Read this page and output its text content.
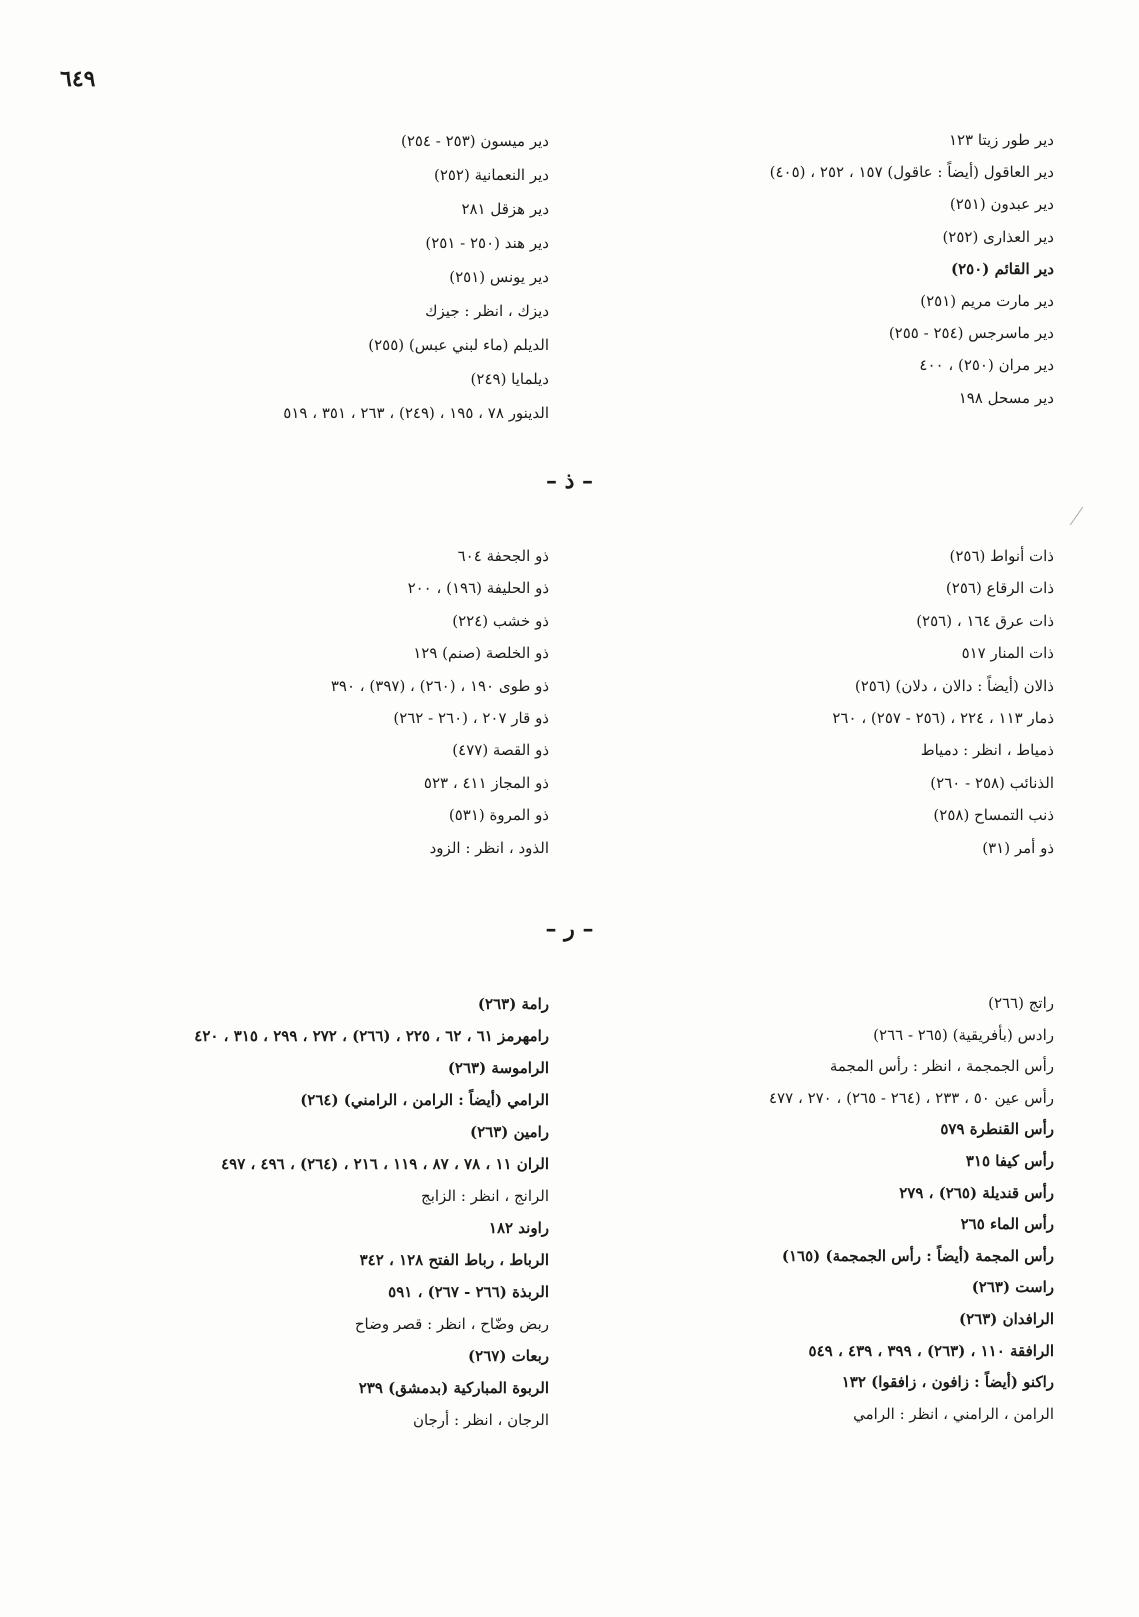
٦٤٩
دير طور زيتا ١٢٣
دير العاقول (أيضاً : عاقول) ١٥٧ ، ٢٥٢ ، (٤٠٥)
دير عبدون (٢٥١)
دير العذارى (٢٥٢)
دير القائم (٢٥٠)
دير مارت مريم (٢٥١)
دير ماسرجس (٢٥٤ - ٢٥٥)
دير مران (٢٥٠) ، ٤٠٠
دير مسحل ١٩٨
دير ميسون (٢٥٣ - ٢٥٤)
دير النعمانية (٢٥٢)
دير هزقل ٢٨١
دير هند (٢٥٠ - ٢٥١)
دير يونس (٢٥١)
ديزك ، انظر : جيزك
الديلم (ماء لبني عبس) (٢٥٥)
ديلمايا (٢٤٩)
الدينور ٧٨ ، ١٩٥ ، (٢٤٩) ، ٢٦٣ ، ٣٥١ ، ٥١٩
– ذ –
ذات أنواط (٢٥٦)
ذات الرقاع (٢٥٦)
ذات عرق ١٦٤ ، (٢٥٦)
ذات المنار ٥١٧
ذالان (أيضاً : دالان ، دلان) (٢٥٦)
ذمار ١١٣ ، ٢٢٤ ، (٢٥٦ - ٢٥٧) ، ٢٦٠
ذمياط ، انظر : دمياط
الذنائب (٢٥٨ - ٢٦٠)
ذنب التمساح (٢٥٨)
ذو أمر (٣١)
ذو الجحفة ٦٠٤
ذو الحليفة (١٩٦) ، ٢٠٠
ذو خشب (٢٢٤)
ذو الخلصة (صنم) ١٢٩
ذو طوى ١٩٠ ، (٢٦٠) ، (٣٩٧) ، ٣٩٠
ذو قار ٢٠٧ ، (٢٦٠ - ٢٦٢)
ذو القصة (٤٧٧)
ذو المجاز ٤١١ ، ٥٢٣
ذو المروة (٥٣١)
الذود ، انظر : الزود
– ر –
راتج (٢٦٦)
رادس (بأفريقية) (٢٦٥ - ٢٦٦)
رأس الجمجمة ، انظر : رأس المجمة
رأس عين ٥٠ ، ٢٣٣ ، (٢٦٤ - ٢٦٥) ، ٢٧٠ ، ٤٧٧
رأس القنطرة ٥٧٩
رأس كيفا ٣١٥
رأس قنديلة (٢٦٥) ، ٢٧٩
رأس الماء ٢٦٥
رأس المجمة (أيضاً : رأس الجمجمة) (١٦٥)
راست (٢٦٣)
الرافدان (٢٦٣)
الرافقة ١١٠ ، (٢٦٣) ، ٣٩٩ ، ٤٣٩ ، ٥٤٩
راكنو (أيضاً : زافون ، زافقوا) ١٣٢
الرامن ، الرامني ، انظر : الرامي
رامة (٢٦٣)
رامهرمز ٦١ ، ٦٢ ، ٢٢٥ ، (٢٦٦) ، ٢٧٢ ، ٢٩٩ ، ٣١٥ ، ٤٢٠
الراموسة (٢٦٣)
الرامي (أيضاً : الرامن ، الرامني) (٢٦٤)
رامين (٢٦٣)
الران ١١ ، ٧٨ ، ٨٧ ، ١١٩ ، ٢١٦ ، (٢٦٤) ، ٤٩٦ ، ٤٩٧
الرانج ، انظر : الزابج
راوند ١٨٢
الرباط ، رباط الفتح ١٢٨ ، ٣٤٢
الربذة (٢٦٦ - ٢٦٧) ، ٥٩١
ربض وضّاح ، انظر : قصر وضاح
ربعات (٢٦٧)
الربوة المباركية (بدمشق) ٢٣٩
الرجان ، انظر : أرجان
